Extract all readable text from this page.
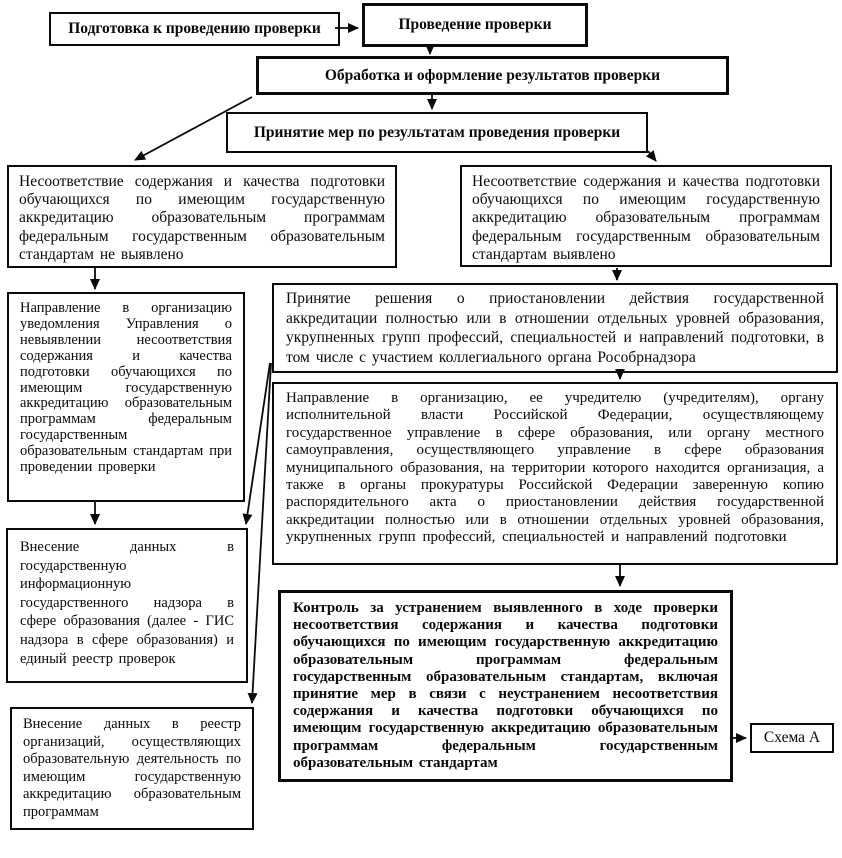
Подготовка к проведению проверки	Проведение проверки
Обработка и оформление результатов проверки
Принятие мер по результатам проведения проверки
Несоответствие содержания и качества подготовки обучающихся по имеющим государственную аккредитацию образовательным программам федеральным государственным образовательным стандартам не выявлено
Несоответствие содержания и качества подготовки обучающихся по имеющим государственную аккредитацию образовательным программам федеральным государственным образовательным стандартам выявлено
Направление в организацию уведомления Управления о невыявлении несоответствия содержания и качества подготовки обучающихся по имеющим государственную аккредитацию образовательным программам федеральным государственным образовательным стандартам при проведении проверки
Внесение данных в государственную информационную государственного надзора в сфере образования (далее - ГИС надзора в сфере образования) и единый реестр проверок
Внесение данных в реестр организаций, осуществляющих образовательную деятельность по имеющим государственную аккредитацию образовательным программам
Принятие решения о приостановлении действия государственной аккредитации полностью или в отношении отдельных уровней образования, укрупненных групп профессий, специальностей и направлений подготовки, в том числе с участием коллегиального органа Рособрнадзора
Направление в организацию, ее учредителю (учредителям), органу исполнительной власти Российской Федерации, осуществляющему государственное управление в сфере образования, или органу местного самоуправления, осуществляющего управление в сфере образования муниципального образования, на территории которого находится организация, а также в органы прокуратуры Российской Федерации заверенную копию распорядительного акта о приостановлении действия государственной аккредитации полностью или в отношении отдельных уровней образования, укрупненных групп профессий, специальностей и направлений подготовки
Контроль за устранением выявленного в ходе проверки несоответствия содержания и качества подготовки обучающихся по имеющим государственную аккредитацию образовательным программам федеральным государственным образовательным стандартам, включая принятие мер в связи с неустранением несоответствия содержания и качества подготовки обучающихся по имеющим государственную аккредитацию образовательным программам федеральным государственным образовательным стандартам
Схема А
